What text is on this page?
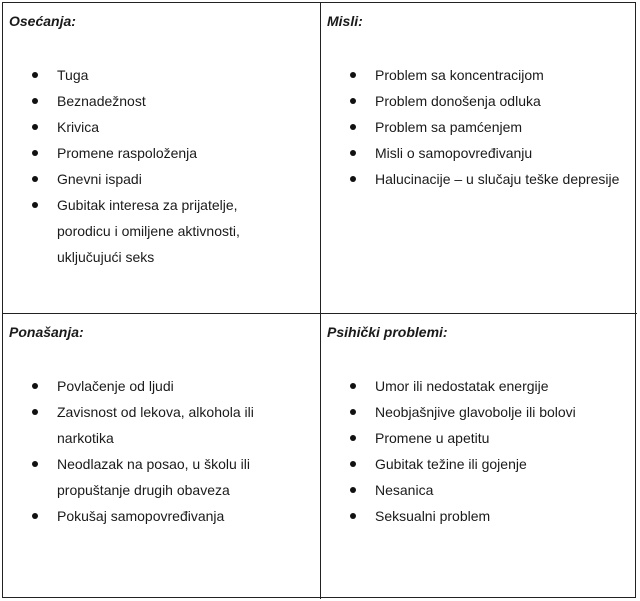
Osećanja:
Tuga
Beznadežnost
Krivica
Promene raspoloženja
Gnevni ispadi
Gubitak interesa za prijatelje, porodicu i omiljene aktivnosti, uključujući seks
Misli:
Problem sa koncentracijom
Problem donošenja odluka
Problem sa pamćenjem
Misli o samopovređivanju
Halucinacije – u slučaju teške depresije
Ponašanja:
Povlačenje od ljudi
Zavisnost od lekova, alkohola ili narkotika
Neodlazak na posao, u školu ili propuštanje drugih obaveza
Pokušaj samopovređivanja
Psihički problemi:
Umor ili nedostatak energije
Neobjašnjive glavobolje ili bolovi
Promene u apetitu
Gubitak težine ili gojenje
Nesanica
Seksualni problem
